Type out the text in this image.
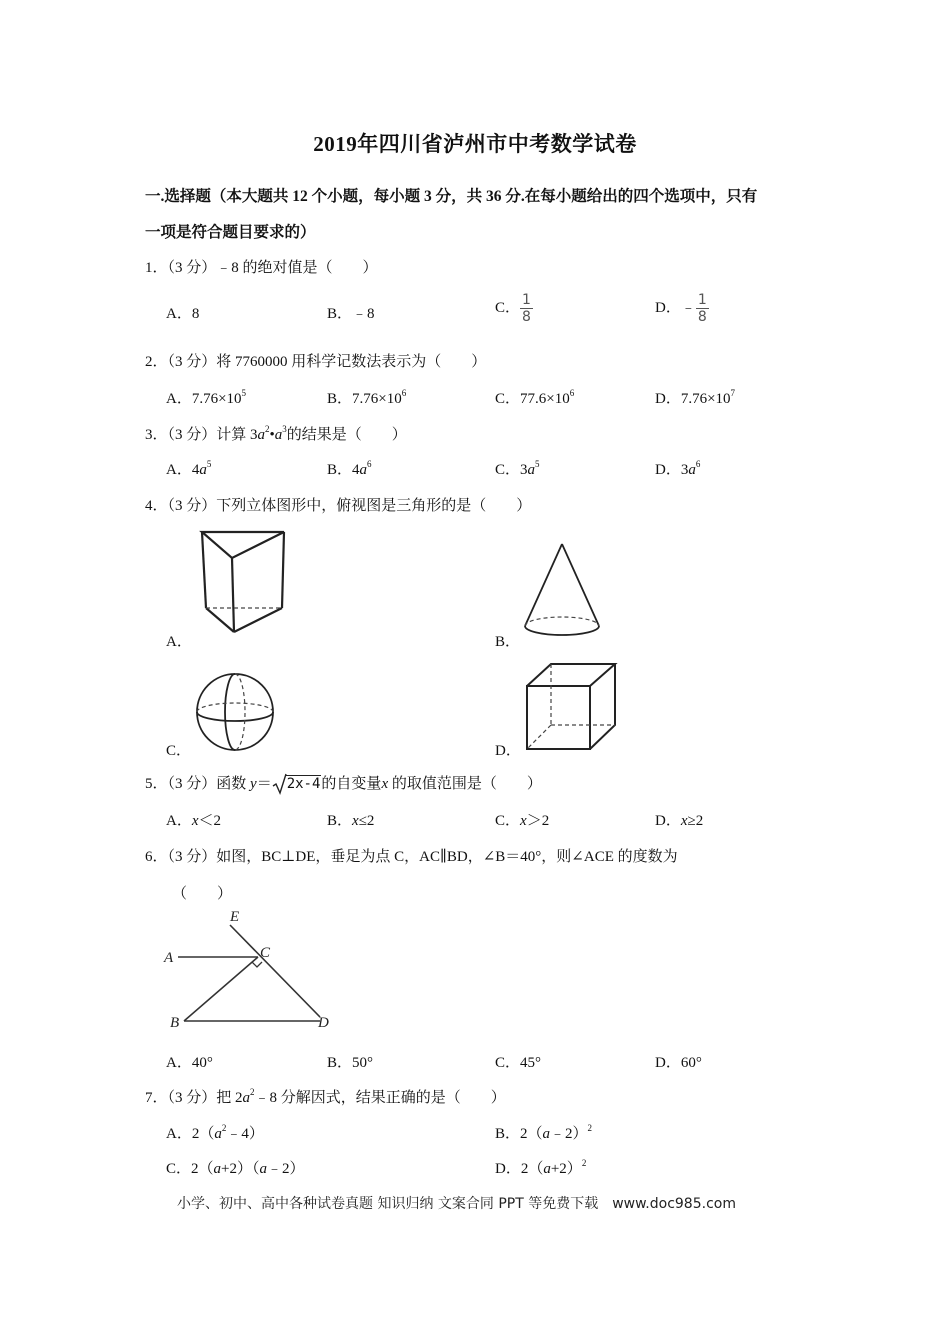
2019年四川省泸州市中考数学试卷
一.选择题（本大题共 12 个小题，每小题 3 分，共 36 分.在每小题给出的四个选项中，只有
一项是符合题目要求的）
1．（3 分）﹣8 的绝对值是（　　）
A．8	B．﹣8	C． $\frac{1}{8}$	D．﹣ $\frac{1}{8}$
2．（3 分）将 7760000 用科学记数法表示为（　　）
A．$7.76\times 10^5$	B．$7.76\times 10^6$	C．$77.6\times 10^6$	D．$7.76\times 10^7$
3．（3 分）计算 $3a^2•a^3$的结果是（　　）
A．$4a^5$	B．$4a^6$	C．$3a^5$	D．$3a^6$
4．（3 分）下列立体图形中，俯视图是三角形的是（　　）
A．	B．
C．	D．
5．（3 分）函数 y＝ 2x-4的自变量x 的取值范围是（　　）
A．x＜2	B．x≤2	C．x＞2	D．x≥2
6．（3 分）如图，BC⊥DE，垂足为点 C，AC∥BD，∠B＝40°，则∠ACE 的度数为
（　　）
E
C
A
B	D
A．40°	B．50°	C．45°	D．60°
7．（3 分）把 $2a^2﹣8$ 分解因式，结果正确的是（　　）
A．$2(a^2﹣4)$	B．2（a﹣2）$^2$
C．2（a+2）（a﹣2）	D．$2(a+2)^2$
小学、初中、高中各种试卷真题 知识归纳 文案合同 PPT 等免费下载　www.doc985.com
